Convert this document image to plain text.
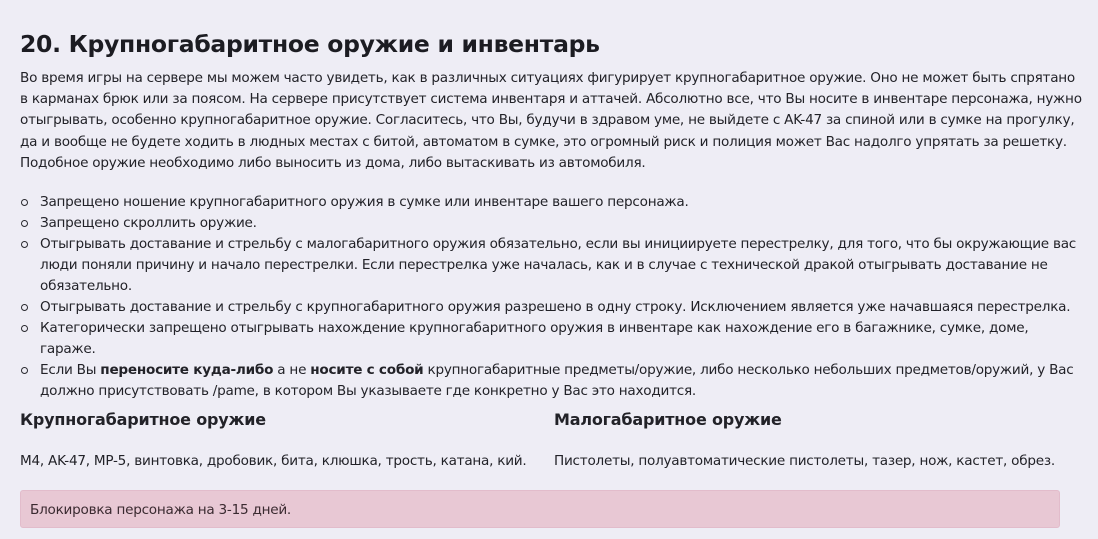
20. Крупногабаритное оружие и инвентарь

Во время игры на сервере мы можем часто увидеть, как в различных ситуациях фигурирует крупногабаритное оружие. Оно не может быть спрятано в карманах брюк или за поясом. На сервере присутствует система инвентаря и аттачей. Абсолютно все, что Вы носите в инвентаре персонажа, нужно отыгрывать, особенно крупногабаритное оружие. Согласитесь, что Вы, будучи в здравом уме, не выйдете с AK-47 за спиной или в сумке на прогулку, да и вообще не будете ходить в людных местах с битой, автоматом в сумке, это огромный риск и полиция может Вас надолго упрятать за решетку. Подобное оружие необходимо либо выносить из дома, либо вытаскивать из автомобиля.

Запрещено ношение крупногабаритного оружия в сумке или инвентаре вашего персонажа.
Запрещено скроллить оружие.
Отыгрывать доставание и стрельбу с малогабаритного оружия обязательно, если вы инициируете перестрелку, для того, что бы окружающие вас люди поняли причину и начало перестрелки. Если перестрелка уже началась, как и в случае с технической дракой отыгрывать доставание не обязательно.
Отыгрывать доставание и стрельбу с крупногабаритного оружия разрешено в одну строку. Исключением является уже начавшаяся перестрелка.
Категорически запрещено отыгрывать нахождение крупногабаритного оружия в инвентаре как нахождение его в багажнике, сумке, доме, гараже.
Если Вы переносите куда-либо а не носите с собой крупногабаритные предметы/оружие, либо несколько небольших предметов/оружий, у Вас должно присутствовать /pame, в котором Вы указываете где конкретно у Вас это находится.
Крупногабаритное оружие	Малогабаритное оружие

M4, AK-47, MP-5, винтовка, дробовик, бита, клюшка, трость, катана, кий. Пистолеты, полуавтоматические пистолеты, тазер, нож, кастет, обрез.

Блокировка персонажа на 3-15 дней.
